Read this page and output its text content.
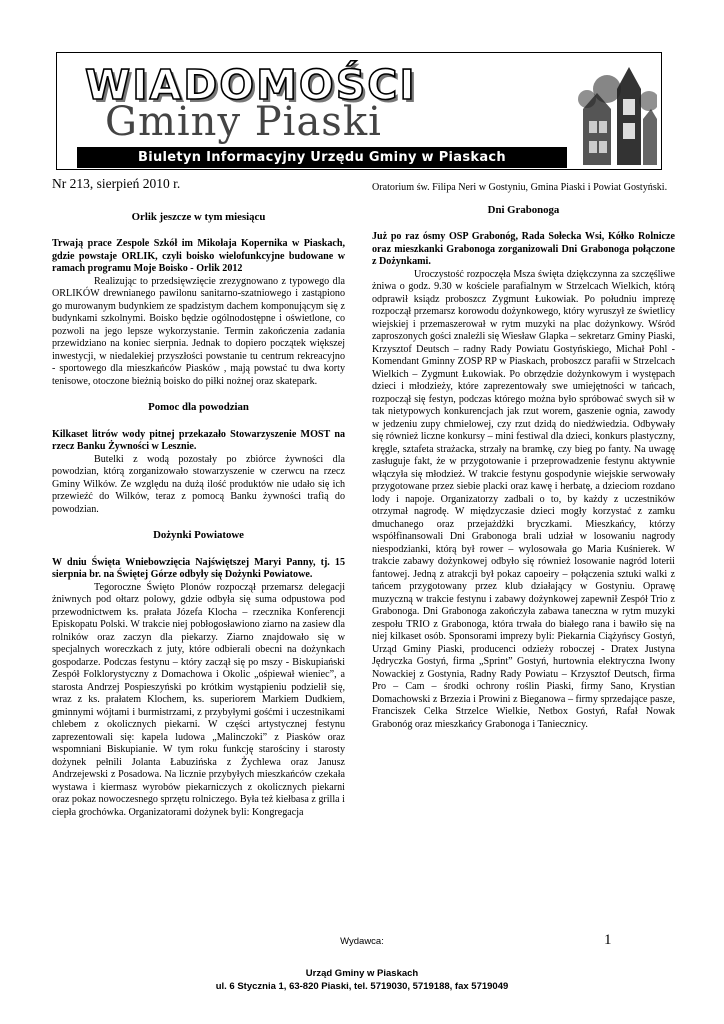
WIADOMOŚCI
Gminy Piaski
Biuletyn Informacyjny Urzędu Gminy w Piaskach
Nr 213, sierpień 2010 r.
Orlik jeszcze w tym miesiącu

Trwają prace Zespole Szkół im Mikołaja Kopernika w Piaskach, gdzie powstaje ORLIK, czyli boisko wielofunkcyjne budowane w ramach programu Moje Boisko - Orlik 2012

Realizując to przedsięwzięcie zrezygnowano z typowego dla ORLIKÓW drewnianego pawilonu sanitarno-szatniowego i zastąpiono go murowanym budynkiem ze spadzistym dachem komponującym się z budynkami szkolnymi. Boisko będzie ogólnodostępne i oświetlone, co pozwoli na jego lepsze wykorzystanie. Termin zakończenia zadania przewidziano na koniec sierpnia. Jednak to dopiero początek większej inwestycji, w niedalekiej przyszłości powstanie tu centrum rekreacyjno - sportowego dla mieszkańców Piasków , mają powstać tu dwa korty tenisowe, otoczone bieżnią boisko do piłki nożnej oraz skatepark.

Pomoc dla powodzian

Kilkaset litrów wody pitnej przekazało Stowarzyszenie MOST na rzecz Banku Żywności w Lesznie.

Butelki z wodą pozostały po zbiórce żywności dla powodzian, którą zorganizowało stowarzyszenie w czerwcu na rzecz Gminy Wilków. Ze względu na dużą ilość produktów nie udało się ich przewieźć do Wilków, teraz z pomocą Banku żywności trafią do powodzian.

Dożynki Powiatowe

W dniu Święta Wniebowzięcia Najświętszej Maryi Panny, tj. 15 sierpnia br. na Świętej Górze odbyły się Dożynki Powiatowe.

Tegoroczne Święto Plonów rozpoczął przemarsz delegacji żniwnych pod ołtarz polowy, gdzie odbyła się suma odpustowa pod przewodnictwem ks. prałata Józefa Klocha – rzecznika Konferencji Episkopatu Polski. W trakcie niej pobłogosławiono ziarno na zasiew dla rolników oraz zaczyn dla piekarzy. Ziarno znajdowało się w specjalnych woreczkach z juty, które odbierali obecni na dożynkach gospodarze. Podczas festynu – który zaczął się po mszy - Biskupiański Zespół Folklorystyczny z Domachowa i Okolic „ośpiewał wieniec”, a starosta Andrzej Pospieszyński po krótkim wystąpieniu podzielił się, wraz z ks. prałatem Klochem, ks. superiorem Markiem Dudkiem, gminnymi wójtami i burmistrzami, z przybyłymi gośćmi i uczestnikami chlebem z okolicznych piekarni. W części artystycznej festynu zaprezentowali się: kapela ludowa „Malinczoki” z Piasków oraz wspomniani Biskupianie. W tym roku funkcję starościny i starosty dożynek pełnili Jolanta Łabuzińska z Żychlewa oraz Janusz Andrzejewski z Posadowa. Na licznie przybyłych mieszkańców czekała wystawa i kiermasz wyrobów piekarniczych z okolicznych piekarni oraz pokaz nowoczesnego sprzętu rolniczego. Była też kiełbasa z grilla i ciepła grochówka. Organizatorami dożynek byli: Kongregacja

Oratorium św. Filipa Neri w Gostyniu, Gmina Piaski i Powiat Gostyński.

Dni Grabonoga

Już po raz ósmy OSP Grabonóg, Rada Sołecka Wsi, Kółko Rolnicze oraz mieszkanki Grabonoga zorganizowali Dni Grabonoga połączone z Dożynkami.

Uroczystość rozpoczęła Msza święta dziękczynna za szczęśliwe żniwa o godz. 9.30 w kościele parafialnym w Strzelcach Wielkich, którą odprawił ksiądz proboszcz Zygmunt Łukowiak. Po południu imprezę rozpoczął przemarsz korowodu dożynkowego, który wyruszył ze świetlicy wiejskiej i przemaszerował w rytm muzyki na plac dożynkowy. Wśród zaproszonych gości znaleźli się Wiesław Glapka – sekretarz Gminy Piaski, Krzysztof Deutsch – radny Rady Powiatu Gostyńskiego, Michał Pohl - Komendant Gminny ZOSP RP w Piaskach, proboszcz parafii w Strzelcach Wielkich – Zygmunt Łukowiak. Po obrzędzie dożynkowym i występach dzieci i młodzieży, które zaprezentowały swe umiejętności w tańcach, rozpoczął się festyn, podczas którego można było spróbować swych sił w tak nietypowych konkurencjach jak rzut worem, gaszenie ognia, zawody w jedzeniu zupy chmielowej, czy rzut dzidą do niedźwiedzia. Odbywały się również liczne konkursy – mini festiwal dla dzieci, konkurs plastyczny, kręgle, sztafeta strażacka, strzały na bramkę, czy bieg po fanty. Na uwagę zasługuje fakt, że w przygotowanie i przeprowadzenie festynu aktywnie włączyła się młodzież. W trakcie festynu gospodynie wiejskie serwowały przygotowane przez siebie placki oraz kawę i herbatę, a dzieciom rozdano lody i napoje. Organizatorzy zadbali o to, by każdy z uczestników otrzymał nagrodę. W międzyczasie dzieci mogły korzystać z zamku dmuchanego oraz przejażdżki bryczkami. Mieszkańcy, którzy współfinansowali Dni Grabonoga brali udział w losowaniu nagrody niespodzianki, którą był rower – wylosowała go Maria Kuśnierek. W trakcie zabawy dożynkowej odbyło się również losowanie nagród loterii fantowej. Jedną z atrakcji był pokaz capoeiry – połączenia sztuki walki z tańcem przygotowany przez klub działający w Gostyniu. Oprawę muzyczną w trakcie festynu i zabawy dożynkowej zapewnił Zespół Trio z Grabonoga. Dni Grabonoga zakończyła zabawa taneczna w rytm muzyki zespołu TRIO z Grabonoga, która trwała do białego rana i bawiło się na niej kilkaset osób. Sponsorami imprezy byli: Piekarnia Ciążyńscy Gostyń, Urząd Gminy Piaski, producenci odzieży roboczej - Dratex Justyna Jędryczka Gostyń, firma „Sprint” Gostyń, hurtownia elektryczna Iwony Nowackiej z Gostynia, Radny Rady Powiatu – Krzysztof Deutsch, firma Pro – Cam – środki ochrony roślin Piaski, firmy Sano, Krystian Domachowski z Brzezia i Prowini z Bieganowa – firmy sprzedające pasze, Franciszek Celka Strzelce Wielkie, Netbox Gostyń, Rafał Nowak Grabonóg oraz mieszkańcy Grabonoga i Taniecznicy.

Wydawca:	1
Urząd Gminy w Piaskach
ul. 6 Stycznia 1, 63-820 Piaski, tel. 5719030, 5719188, fax 5719049
